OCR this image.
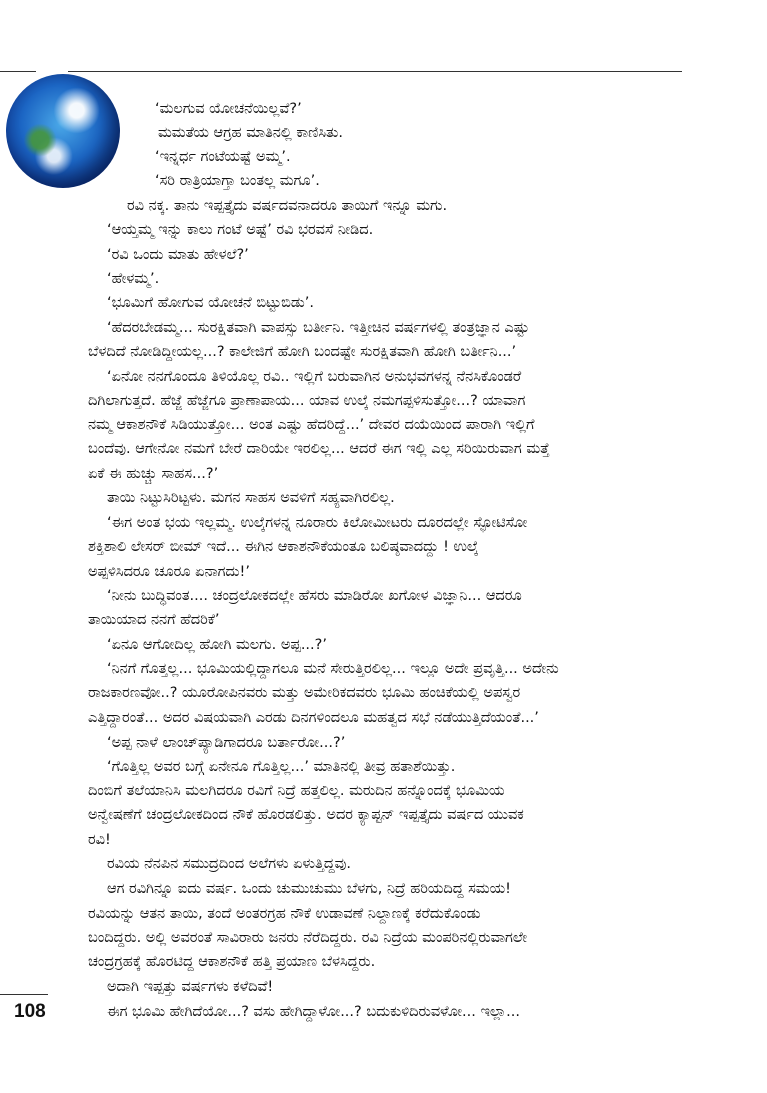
‘ಮಲಗುವ ಯೋಚನೆಯಿಲ್ಲವೆ?’
ಮಮತೆಯ ಆಗ್ರಹ ಮಾತಿನಲ್ಲಿ ಕಾಣಿಸಿತು.
‘ಇನ್ನರ್ಧ ಗಂಟೆಯಷ್ಟೆ ಅಮ್ಮ’.
‘ಸರಿ ರಾತ್ರಿಯಾಗ್ತಾ ಬಂತಲ್ಲ ಮಗೂ’.
ರವಿ ನಕ್ಕ. ತಾನು ಇಪ್ಪತ್ತೈದು ವರ್ಷದವನಾದರೂ ತಾಯಿಗೆ ಇನ್ನೂ ಮಗು.
‘ಆಯ್ತಮ್ಮ ಇನ್ನು ಕಾಲು ಗಂಟೆ ಅಷ್ಟೆ’ ರವಿ ಭರವಸೆ ನೀಡಿದ.
‘ರವಿ ಒಂದು ಮಾತು ಹೇಳಲೆ?’
‘ಹೇಳಮ್ಮ’.
‘ಭೂಮಿಗೆ ಹೋಗುವ ಯೋಚನೆ ಬಿಟ್ಟುಬಿಡು’.
‘ಹೆದರಬೇಡಮ್ಮ... ಸುರಕ್ಷಿತವಾಗಿ ವಾಪಸ್ಸು ಬರ್ತೀನಿ. ಇತ್ತೀಚಿನ ವರ್ಷಗಳಲ್ಲಿ ತಂತ್ರಜ್ಞಾನ ಎಷ್ಟು
ಬೆಳದಿದೆ ನೋಡಿದ್ದೀಯಲ್ಲ...? ಕಾಲೇಜಿಗೆ ಹೋಗಿ ಬಂದಷ್ಟೇ ಸುರಕ್ಷಿತವಾಗಿ ಹೋಗಿ ಬರ್ತೀನಿ...’
‘ಏನೋ ನನಗೊಂದೂ ತಿಳಿಯೊಲ್ಲ ರವಿ.. ಇಲ್ಲಿಗೆ ಬರುವಾಗಿನ ಅನುಭವಗಳನ್ನ ನೆನಸಿಕೊಂಡರೆ
ದಿಗಿಲಾಗುತ್ತದೆ. ಹೆಜ್ಜೆ ಹೆಜ್ಜೆಗೂ ಪ್ರಾಣಾಪಾಯ... ಯಾವ ಉಲ್ಕೆ ನಮಗಪ್ಪಳಿಸುತ್ತೋ...? ಯಾವಾಗ
ನಮ್ಮ ಆಕಾಶನೌಕೆ ಸಿಡಿಯುತ್ತೋ... ಅಂತ ಎಷ್ಟು ಹೆದರಿದ್ದೆ...’ ದೇವರ ದಯೆಯಿಂದ ಪಾರಾಗಿ ಇಲ್ಲಿಗೆ
ಬಂದೆವು. ಆಗೇನೋ ನಮಗೆ ಬೇರೆ ದಾರಿಯೇ ಇರಲಿಲ್ಲ... ಆದರೆ ಈಗ ಇಲ್ಲಿ ಎಲ್ಲ ಸರಿಯಿರುವಾಗ ಮತ್ತೆ
ಏಕೆ ಈ ಹುಚ್ಚು ಸಾಹಸ...?’
ತಾಯಿ ನಿಟ್ಟುಸಿರಿಟ್ಟಳು. ಮಗನ ಸಾಹಸ ಅವಳಿಗೆ ಸಹ್ಯವಾಗಿರಲಿಲ್ಲ.
‘ಈಗ ಅಂತ ಭಯ ಇಲ್ಲಮ್ಮ. ಉಲ್ಕೆಗಳನ್ನ ನೂರಾರು ಕಿಲೋಮೀಟರು ದೂರದಲ್ಲೇ ಸ್ಫೋಟಿಸೋ
ಶಕ್ತಿಶಾಲಿ ಲೇಸರ್ ಬೀಮ್ ಇದೆ... ಈಗಿನ ಆಕಾಶನೌಕೆಯಂತೂ ಬಲಿಷ್ಠವಾದದ್ದು ! ಉಲ್ಕೆ
ಅಪ್ಪಳಿಸಿದರೂ ಚೂರೂ ಏನಾಗದು!’
‘ನೀನು ಬುದ್ಧಿವಂತ.... ಚಂದ್ರಲೋಕದಲ್ಲೇ ಹೆಸರು ಮಾಡಿರೋ ಖಗೋಳ ವಿಜ್ಞಾನಿ... ಆದರೂ
ತಾಯಿಯಾದ ನನಗೆ ಹೆದರಿಕೆ’
‘ಏನೂ ಆಗೋದಿಲ್ಲ ಹೋಗಿ ಮಲಗು. ಅಪ್ಪ...?’
‘ನಿನಗೆ ಗೊತ್ತಲ್ಲ... ಭೂಮಿಯಲ್ಲಿದ್ದಾಗಲೂ ಮನೆ ಸೇರುತ್ತಿರಲಿಲ್ಲ... ಇಲ್ಲೂ ಅದೇ ಪ್ರವೃತ್ತಿ... ಅದೇನು
ರಾಜಕಾರಣವೋ..? ಯೂರೋಪಿನವರು ಮತ್ತು ಅಮೇರಿಕದವರು ಭೂಮಿ ಹಂಚಿಕೆಯಲ್ಲಿ ಅಪಸ್ವರ
ಎತ್ತಿದ್ದಾರಂತೆ... ಅದರ ವಿಷಯವಾಗಿ ಎರಡು ದಿನಗಳಿಂದಲೂ ಮಹತ್ವದ ಸಭೆ ನಡೆಯುತ್ತಿದೆಯಂತೆ...’
‘ಅಪ್ಪ ನಾಳೆ ಲಾಂಚ್‌ಪ್ಯಾಡಿಗಾದರೂ ಬರ್ತಾರೋ...?’
‘ಗೊತ್ತಿಲ್ಲ ಅವರ ಬಗ್ಗೆ ಏನೇನೂ ಗೊತ್ತಿಲ್ಲ...’ ಮಾತಿನಲ್ಲಿ ತೀವ್ರ ಹತಾಶೆಯಿತ್ತು.
ದಿಂಬಿಗೆ ತಲೆಯಾನಿಸಿ ಮಲಗಿದರೂ ರವಿಗೆ ನಿದ್ರೆ ಹತ್ತಲಿಲ್ಲ. ಮರುದಿನ ಹನ್ನೊಂದಕ್ಕೆ ಭೂಮಿಯ
ಅನ್ವೇಷಣೆಗೆ ಚಂದ್ರಲೋಕದಿಂದ ನೌಕೆ ಹೊರಡಲಿತ್ತು. ಅದರ ಕ್ಯಾಪ್ಟನ್ ಇಪ್ಪತ್ತೈದು ವರ್ಷದ ಯುವಕ
ರವಿ!
ರವಿಯ ನೆನಪಿನ ಸಮುದ್ರದಿಂದ ಅಲೆಗಳು ಏಳುತ್ತಿದ್ದವು.
ಆಗ ರವಿಗಿನ್ನೂ ಐದು ವರ್ಷ. ಒಂದು ಚುಮುಚುಮು ಬೆಳಗು, ನಿದ್ರೆ ಹರಿಯದಿದ್ದ ಸಮಯ!
ರವಿಯನ್ನು ಆತನ ತಾಯಿ, ತಂದೆ ಅಂತರಗ್ರಹ ನೌಕೆ ಉಡಾವಣೆ ನಿಲ್ದಾಣಕ್ಕೆ ಕರೆದುಕೊಂಡು
ಬಂದಿದ್ದರು. ಅಲ್ಲಿ ಅವರಂತೆ ಸಾವಿರಾರು ಜನರು ನೆರೆದಿದ್ದರು. ರವಿ ನಿದ್ರೆಯ ಮಂಪರಿನಲ್ಲಿರುವಾಗಲೇ
ಚಂದ್ರಗ್ರಹಕ್ಕೆ ಹೊರಟಿದ್ದ ಆಕಾಶನೌಕೆ ಹತ್ತಿ ಪ್ರಯಾಣ ಬೆಳಸಿದ್ದರು.
ಅದಾಗಿ ಇಪ್ಪತ್ತು ವರ್ಷಗಳು ಕಳೆದಿವೆ!
ಈಗ ಭೂಮಿ ಹೇಗಿದೆಯೋ...? ವಸು ಹೇಗಿದ್ದಾಳೋ...? ಬದುಕುಳಿದಿರುವಳೋ... ಇಲ್ಲಾ...
108
